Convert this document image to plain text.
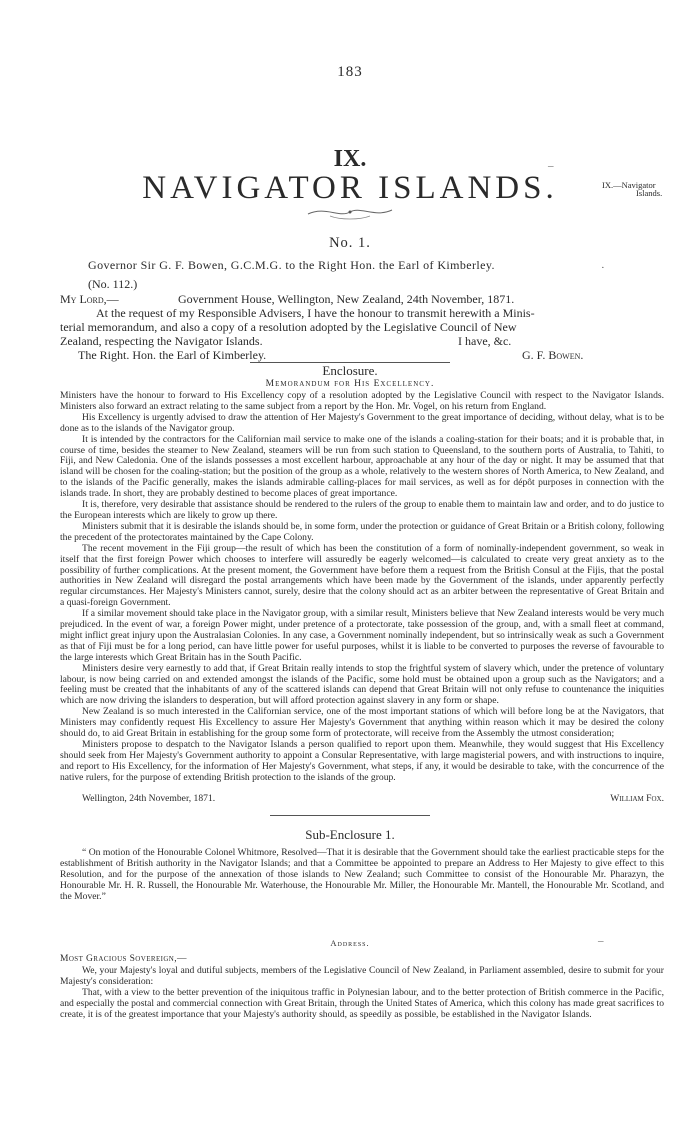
183
IX.
NAVIGATOR ISLANDS.	IX.—Navigator
Islands.
No. 1.
Governor Sir G. F. Bowen, G.C.M.G. to the Right Hon. the Earl of Kimberley.
(No. 112.)
My Lord,—	Government House, Wellington, New Zealand, 24th November, 1871.
At the request of my Responsible Advisers, I have the honour to transmit herewith a Minis-
terial memorandum, and also a copy of a resolution adopted by the Legislative Council of New
Zealand, respecting the Navigator Islands.	I have, &c.
The Right. Hon. the Earl of Kimberley.	G. F. Bowen.
Enclosure.
Memorandum for His Excellency.

Ministers have the honour to forward to His Excellency copy of a resolution adopted by the Legislative Council with respect to the Navigator Islands. Ministers also forward an extract relating to the same subject from a report by the Hon. Mr. Vogel, on his return from England.

His Excellency is urgently advised to draw the attention of Her Majesty's Government to the great importance of deciding, without delay, what is to be done as to the islands of the Navigator group.

It is intended by the contractors for the Californian mail service to make one of the islands a coaling-station for their boats; and it is probable that, in course of time, besides the steamer to New Zealand, steamers will be run from such station to Queensland, to the southern ports of Australia, to Tahiti, to Fiji, and New Caledonia. One of the islands possesses a most excellent harbour, approachable at any hour of the day or night. It may be assumed that that island will be chosen for the coaling-station; but the position of the group as a whole, relatively to the western shores of North America, to New Zealand, and to the islands of the Pacific generally, makes the islands admirable calling-places for mail services, as well as for dépôt purposes in connection with the islands trade. In short, they are probably destined to become places of great importance.

It is, therefore, very desirable that assistance should be rendered to the rulers of the group to enable them to maintain law and order, and to do justice to the European interests which are likely to grow up there.

Ministers submit that it is desirable the islands should be, in some form, under the protection or guidance of Great Britain or a British colony, following the precedent of the protectorates maintained by the Cape Colony.

The recent movement in the Fiji group—the result of which has been the constitution of a form of nominally-independent government, so weak in itself that the first foreign Power which chooses to interfere will assuredly be eagerly welcomed—is calculated to create very great anxiety as to the possibility of further complications. At the present moment, the Government have before them a request from the British Consul at the Fijis, that the postal authorities in New Zealand will disregard the postal arrangements which have been made by the Government of the islands, under apparently perfectly regular circumstances. Her Majesty's Ministers cannot, surely, desire that the colony should act as an arbiter between the representative of Great Britain and a quasi-foreign Government.

If a similar movement should take place in the Navigator group, with a similar result, Ministers believe that New Zealand interests would be very much prejudiced. In the event of war, a foreign Power might, under pretence of a protectorate, take possession of the group, and, with a small fleet at command, might inflict great injury upon the Australasian Colonies. In any case, a Government nominally independent, but so intrinsically weak as such a Government as that of Fiji must be for a long period, can have little power for useful purposes, whilst it is liable to be converted to purposes the reverse of favourable to the large interests which Great Britain has in the South Pacific.

Ministers desire very earnestly to add that, if Great Britain really intends to stop the frightful system of slavery which, under the pretence of voluntary labour, is now being carried on and extended amongst the islands of the Pacific, some hold must be obtained upon a group such as the Navigators; and a feeling must be created that the inhabitants of any of the scattered islands can depend that Great Britain will not only refuse to countenance the iniquities which are now driving the islanders to desperation, but will afford protection against slavery in any form or shape.

New Zealand is so much interested in the Californian service, one of the most important stations of which will before long be at the Navigators, that Ministers may confidently request His Excellency to assure Her Majesty's Government that anything within reason which it may be desired the colony should do, to aid Great Britain in establishing for the group some form of protectorate, will receive from the Assembly the utmost consideration;

Ministers propose to despatch to the Navigator Islands a person qualified to report upon them. Meanwhile, they would suggest that His Excellency should seek from Her Majesty's Government authority to appoint a Consular Representative, with large magisterial powers, and with instructions to inquire, and report to His Excellency, for the information of Her Majesty's Government, what steps, if any, it would be desirable to take, with the concurrence of the native rulers, for the purpose of extending British protection to the islands of the group.

Wellington, 24th November, 1871.	William Fox.
Sub-Enclosure 1.

“ On motion of the Honourable Colonel Whitmore, Resolved—That it is desirable that the Government should take the earliest practicable steps for the establishment of British authority in the Navigator Islands; and that a Committee be appointed to prepare an Address to Her Majesty to give effect to this Resolution, and for the purpose of the annexation of those islands to New Zealand; such Committee to consist of the Honourable Mr. Pharazyn, the Honourable Mr. H. R. Russell, the Honourable Mr. Waterhouse, the Honourable Mr. Miller, the Honourable Mr. Mantell, the Honourable Mr. Scotland, and the Mover.”

Address.
Most Gracious Sovereign,—

We, your Majesty's loyal and dutiful subjects, members of the Legislative Council of New Zealand, in Parliament assembled, desire to submit for your Majesty's consideration:

That, with a view to the better prevention of the iniquitous traffic in Polynesian labour, and to the better protection of British commerce in the Pacific, and especially the postal and commercial connection with Great Britain, through the United States of America, which this colony has made great sacrifices to create, it is of the greatest importance that your Majesty's authority should, as speedily as possible, be established in the Navigator Islands.

–
–
·
